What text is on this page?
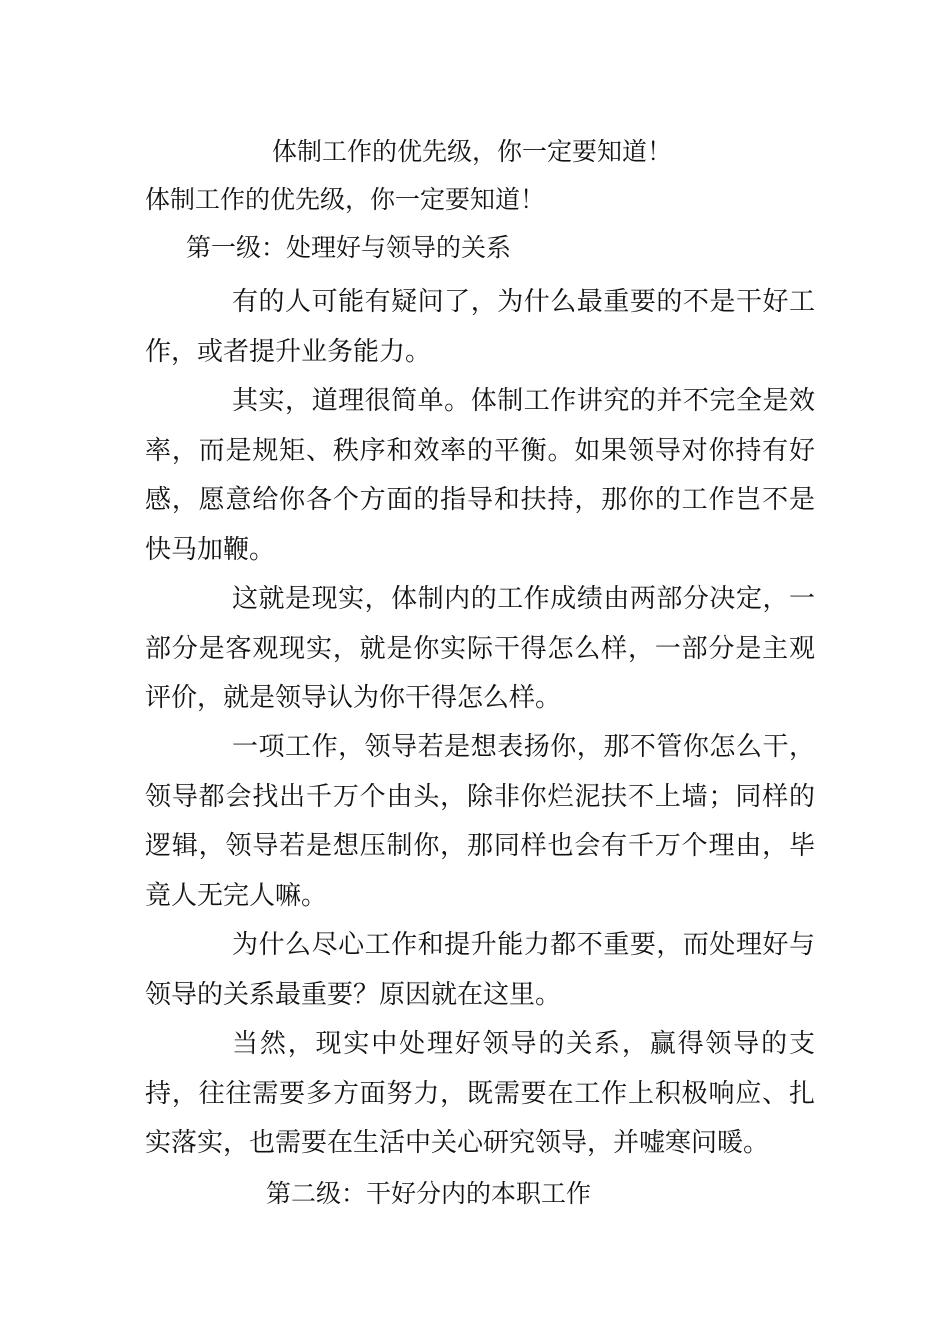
体制工作的优先级，你一定要知道！
体制工作的优先级，你一定要知道！
第一级：处理好与领导的关系

有的人可能有疑问了，为什么最重要的不是干好工作，或者提升业务能力。

其实，道理很简单。体制工作讲究的并不完全是效率，而是规矩、秩序和效率的平衡。如果领导对你持有好感，愿意给你各个方面的指导和扶持，那你的工作岂不是快马加鞭。

这就是现实，体制内的工作成绩由两部分决定，一部分是客观现实，就是你实际干得怎么样，一部分是主观评价，就是领导认为你干得怎么样。

一项工作，领导若是想表扬你，那不管你怎么干，领导都会找出千万个由头，除非你烂泥扶不上墙；同样的逻辑，领导若是想压制你，那同样也会有千万个理由，毕竟人无完人嘛。

为什么尽心工作和提升能力都不重要，而处理好与领导的关系最重要？原因就在这里。

当然，现实中处理好领导的关系，赢得领导的支持，往往需要多方面努力，既需要在工作上积极响应、扎实落实，也需要在生活中关心研究领导，并嘘寒问暖。

第二级：干好分内的本职工作
